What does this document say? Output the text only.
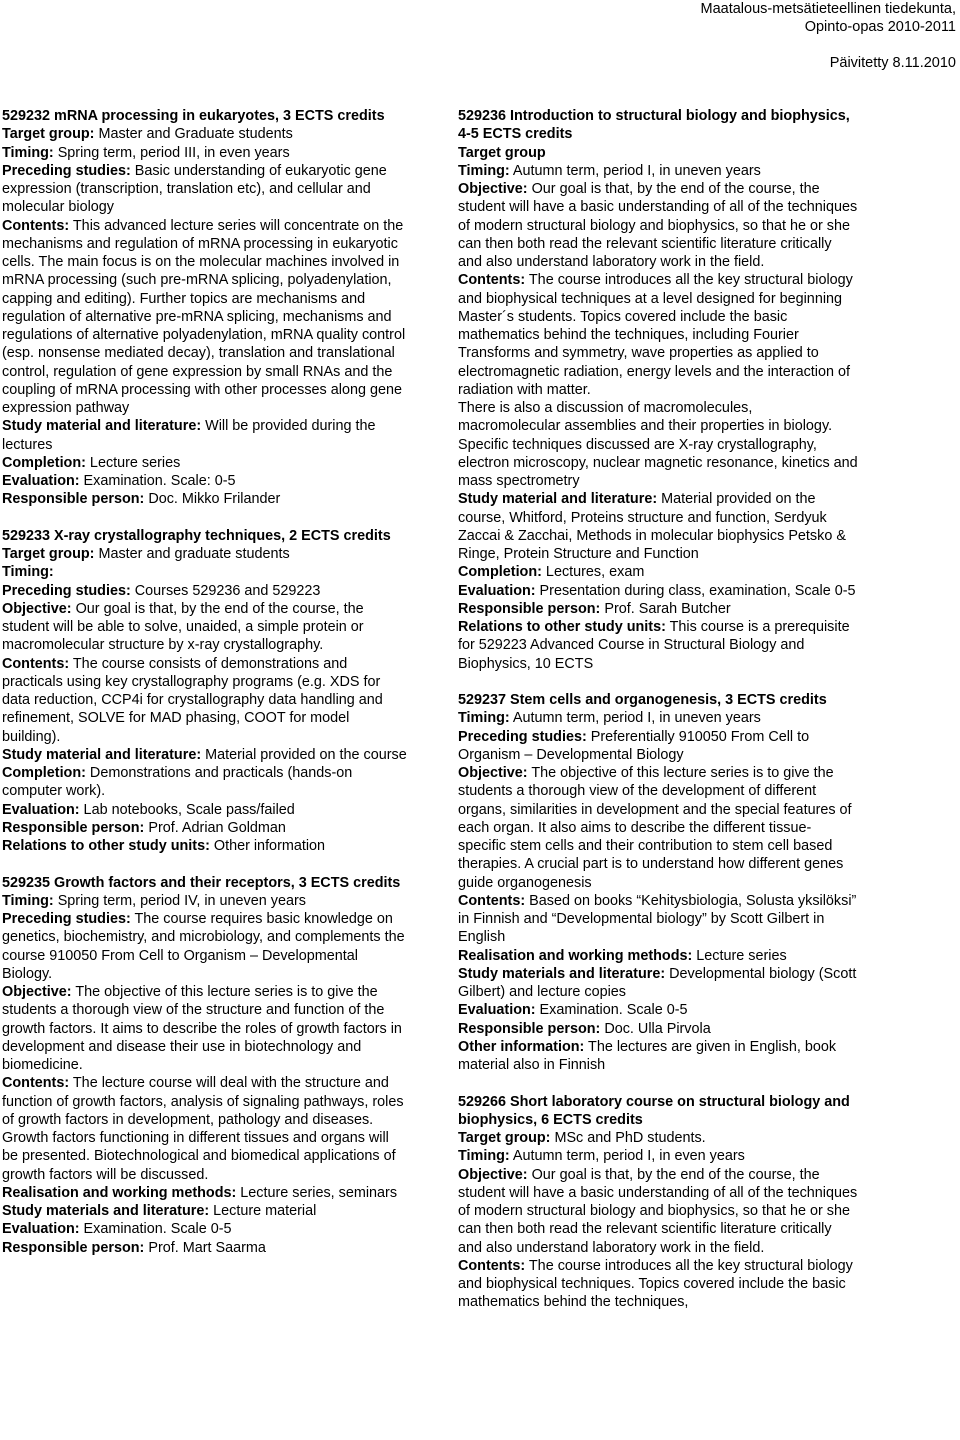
Maatalous-metsätieteellinen tiedekunta,
Opinto-opas 2010-2011
Päivitetty 8.11.2010

529232 mRNA processing in eukaryotes, 3 ECTS credits

Target group: Master and Graduate students

Timing: Spring term, period III, in even years

Preceding studies: Basic understanding of eukaryotic gene expression (transcription, translation etc), and cellular and molecular biology

Contents: This advanced lecture series will concentrate on the mechanisms and regulation of mRNA processing in eukaryotic cells. The main focus is on the molecular machines involved in mRNA processing (such pre-mRNA splicing, polyadenylation, capping and editing). Further topics are mechanisms and regulation of alternative pre-mRNA splicing, mechanisms and regulations of alternative polyadenylation, mRNA quality control (esp. nonsense mediated decay), translation and translational control, regulation of gene expression by small RNAs and the coupling of mRNA processing with other processes along gene expression pathway

Study material and literature: Will be provided during the lectures

Completion: Lecture series

Evaluation: Examination. Scale: 0-5

Responsible person: Doc. Mikko Frilander

529233 X-ray crystallography techniques, 2 ECTS credits

Target group: Master and graduate students

Timing:

Preceding studies: Courses 529236 and 529223

Objective: Our goal is that, by the end of the course, the student will be able to solve, unaided, a simple protein or macromolecular structure by x-ray crystallography.

Contents: The course consists of demonstrations and practicals using key crystallography programs (e.g. XDS for data reduction, CCP4i for crystallography data handling and refinement, SOLVE for MAD phasing, COOT for model building).

Study material and literature: Material provided on the course

Completion: Demonstrations and practicals (hands-on computer work).

Evaluation: Lab notebooks, Scale pass/failed

Responsible person: Prof. Adrian Goldman

Relations to other study units: Other information

529235 Growth factors and their receptors, 3 ECTS credits

Timing: Spring term, period IV, in uneven years

Preceding studies: The course requires basic knowledge on genetics, biochemistry, and microbiology, and complements the course 910050 From Cell to Organism – Developmental Biology.

Objective: The objective of this lecture series is to give the students a thorough view of the structure and function of the growth factors. It aims to describe the roles of growth factors in development and disease their use in biotechnology and biomedicine.

Contents: The lecture course will deal with the structure and function of growth factors, analysis of signaling pathways, roles of growth factors in development, pathology and diseases. Growth factors functioning in different tissues and organs will be presented. Biotechnological and biomedical applications of growth factors will be discussed.

Realisation and working methods: Lecture series, seminars

Study materials and literature: Lecture material

Evaluation: Examination. Scale 0-5

Responsible person: Prof. Mart Saarma

529236 Introduction to structural biology and biophysics, 4-5 ECTS credits

Target group

Timing: Autumn term, period I, in uneven years

Objective: Our goal is that, by the end of the course, the student will have a basic understanding of all of the techniques of modern structural biology and biophysics, so that he or she can then both read the relevant scientific literature critically and also understand laboratory work in the field.

Contents: The course introduces all the key structural biology and biophysical techniques at a level designed for beginning Master´s students. Topics covered include the basic mathematics behind the techniques, including Fourier Transforms and symmetry, wave properties as applied to electromagnetic radiation, energy levels and the interaction of radiation with matter.

There is also a discussion of macromolecules, macromolecular assemblies and their properties in biology. Specific techniques discussed are X-ray crystallography, electron microscopy, nuclear magnetic resonance, kinetics and mass spectrometry

Study material and literature: Material provided on the course, Whitford, Proteins structure and function, Serdyuk Zaccai & Zacchai, Methods in molecular biophysics Petsko & Ringe, Protein Structure and Function

Completion: Lectures, exam

Evaluation: Presentation during class, examination, Scale 0-5

Responsible person: Prof. Sarah Butcher

Relations to other study units: This course is a prerequisite for 529223 Advanced Course in Structural Biology and Biophysics, 10 ECTS

529237 Stem cells and organogenesis, 3 ECTS credits

Timing: Autumn term, period I, in uneven years

Preceding studies: Preferentially 910050 From Cell to Organism – Developmental Biology

Objective: The objective of this lecture series is to give the students a thorough view of the development of different organs, similarities in development and the special features of each organ. It also aims to describe the different tissue-specific stem cells and their contribution to stem cell based therapies. A crucial part is to understand how different genes guide organogenesis

Contents: Based on books “Kehitysbiologia, Solusta yksilöksi” in Finnish and “Developmental biology” by Scott Gilbert in English

Realisation and working methods: Lecture series

Study materials and literature: Developmental biology (Scott Gilbert) and lecture copies

Evaluation: Examination. Scale 0-5

Responsible person: Doc. Ulla Pirvola

Other information: The lectures are given in English, book material also in Finnish

529266 Short laboratory course on structural biology and biophysics, 6 ECTS credits

Target group: MSc and PhD students.

Timing: Autumn term, period I, in even years

Objective: Our goal is that, by the end of the course, the student will have a basic understanding of all of the techniques of modern structural biology and biophysics, so that he or she can then both read the relevant scientific literature critically and also understand laboratory work in the field.

Contents: The course introduces all the key structural biology and biophysical techniques. Topics covered include the basic mathematics behind the techniques,
